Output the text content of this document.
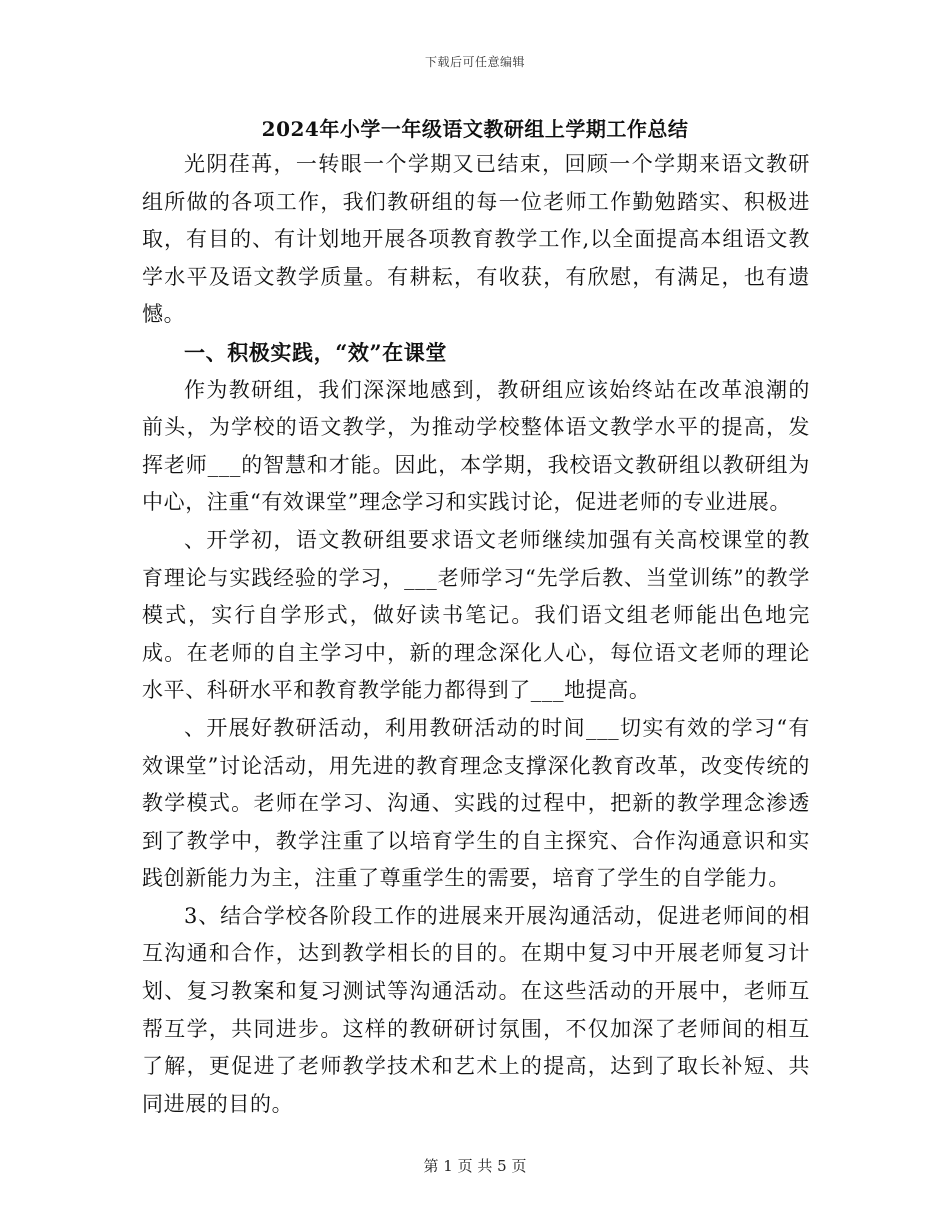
下载后可任意编辑
2024年小学一年级语文教研组上学期工作总结

光阴荏苒，一转眼一个学期又已结束，回顾一个学期来语文教研组所做的各项工作，我们教研组的每一位老师工作勤勉踏实、积极进取，有目的、有计划地开展各项教育教学工作,以全面提高本组语文教学水平及语文教学质量。有耕耘，有收获，有欣慰，有满足，也有遗憾。

一、积极实践，“效”在课堂

作为教研组，我们深深地感到，教研组应该始终站在改革浪潮的前头，为学校的语文教学，为推动学校整体语文教学水平的提高，发挥老师___的智慧和才能。因此，本学期，我校语文教研组以教研组为中心，注重“有效课堂”理念学习和实践讨论，促进老师的专业进展。

、开学初，语文教研组要求语文老师继续加强有关高校课堂的教育理论与实践经验的学习，___老师学习“先学后教、当堂训练”的教学模式，实行自学形式，做好读书笔记。我们语文组老师能出色地完成。在老师的自主学习中，新的理念深化人心，每位语文老师的理论水平、科研水平和教育教学能力都得到了___地提高。

、开展好教研活动，利用教研活动的时间___切实有效的学习“有效课堂”讨论活动，用先进的教育理念支撑深化教育改革，改变传统的教学模式。老师在学习、沟通、实践的过程中，把新的教学理念渗透到了教学中，教学注重了以培育学生的自主探究、合作沟通意识和实践创新能力为主，注重了尊重学生的需要，培育了学生的自学能力。

3、结合学校各阶段工作的进展来开展沟通活动，促进老师间的相互沟通和合作，达到教学相长的目的。在期中复习中开展老师复习计划、复习教案和复习测试等沟通活动。在这些活动的开展中，老师互帮互学，共同进步。这样的教研研讨氛围，不仅加深了老师间的相互了解，更促进了老师教学技术和艺术上的提高，达到了取长补短、共同进展的目的。

第 1 页 共 5 页
